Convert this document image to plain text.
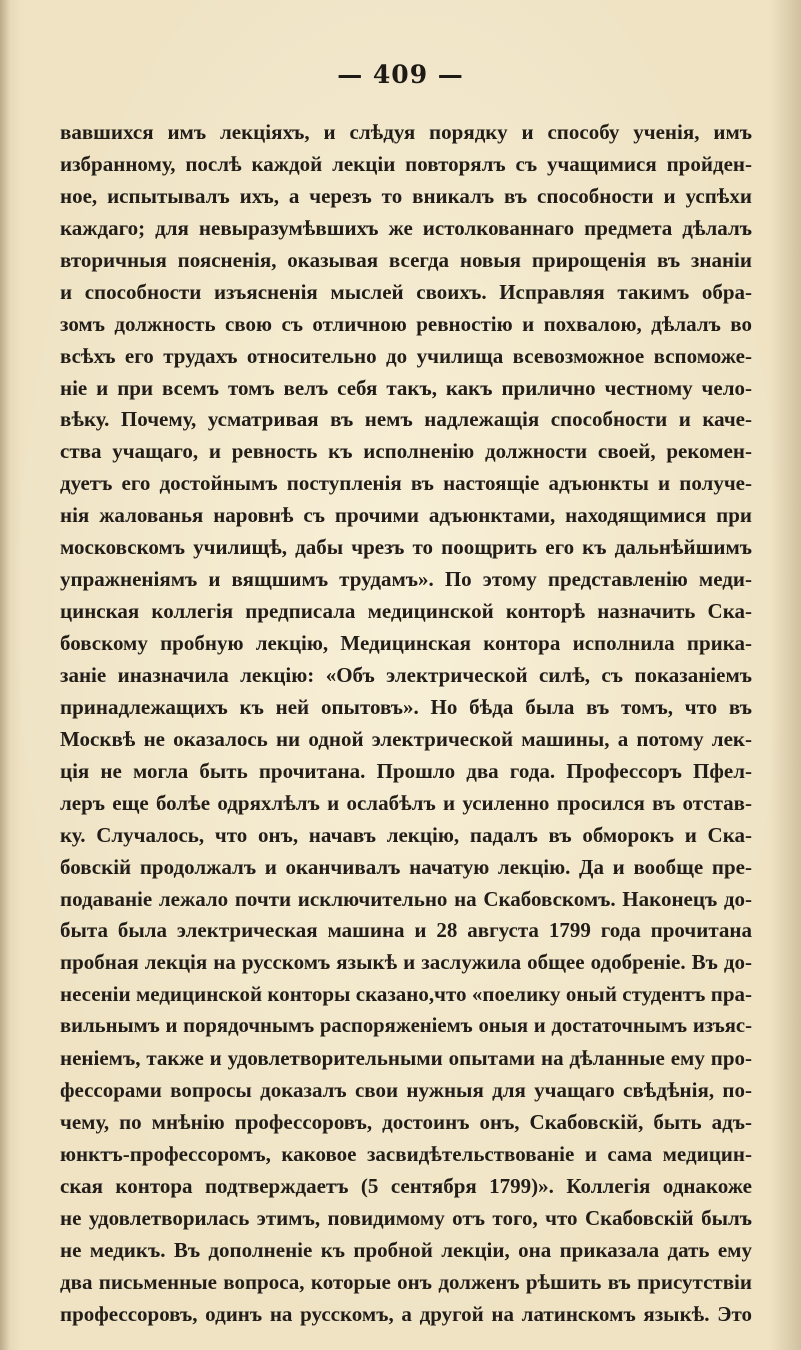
— 409 —
вавшихся имъ лекціяхъ, и слѣдуя порядку и способу ученія, имъ
избранному, послѣ каждой лекціи повторялъ съ учащимися пройден-
ное, испытывалъ ихъ, а черезъ то вникалъ въ способности и успѣхи
каждаго; для невыразумѣвшихъ же истолкованнаго предмета дѣлалъ
вторичныя поясненія, оказывая всегда новыя прирощенія въ знаніи
и способности изъясненія мыслей своихъ. Исправляя такимъ обра-
зомъ должность свою съ отличною ревностію и похвалою, дѣлалъ во
всѣхъ его трудахъ относительно до училища всевозможное вспоможе-
ніе и при всемъ томъ велъ себя такъ, какъ прилично честному чело-
вѣку. Почему, усматривая въ немъ надлежащія способности и каче-
ства учащаго, и ревность къ исполненію должности своей, рекомен-
дуетъ его достойнымъ поступленія въ настоящіе адъюнкты и получе-
нія жалованья наровнѣ съ прочими адъюнктами, находящимися при
московскомъ училищѣ, дабы чрезъ то поощрить его къ дальнѣйшимъ
упражненіямъ и вящшимъ трудамъ». По этому представленію меди-
цинская коллегія предписала медицинской конторѣ назначить Ска-
бовскому пробную лекцію, Медицинская контора исполнила прика-
заніе иназначила лекцію: «Объ электрической силѣ, съ показаніемъ
принадлежащихъ къ ней опытовъ». Но бѣда была въ томъ, что въ
Москвѣ не оказалось ни одной электрической машины, а потому лек-
ція не могла быть прочитана. Прошло два года. Профессоръ Пфел-
леръ еще болѣе одряхлѣлъ и ослабѣлъ и усиленно просился въ отстав-
ку. Случалось, что онъ, начавъ лекцію, падалъ въ обморокъ и Ска-
бовскій продолжалъ и оканчивалъ начатую лекцію. Да и вообще пре-
подаваніе лежало почти исключительно на Скабовскомъ. Наконецъ до-
быта была электрическая машина и 28 августа 1799 года прочитана
пробная лекція на русскомъ языкѣ и заслужила общее одобреніе. Въ до-
несеніи медицинской конторы сказано,что «поелику оный студентъ пра-
вильнымъ и порядочнымъ распоряженіемъ оныя и достаточнымъ изъяс-
неніемъ, также и удовлетворительными опытами на дѣланные ему про-
фессорами вопросы доказалъ свои нужныя для учащаго свѣдѣнія, по-
чему, по мнѣнію профессоровъ, достоинъ онъ, Скабовскій, быть адъ-
юнктъ-профессоромъ, каковое засвидѣтельствованіе и сама медицин-
ская контора подтверждаетъ (5 сентября 1799)». Коллегія однакоже
не удовлетворилась этимъ, повидимому отъ того, что Скабовскій былъ
не медикъ. Въ дополненіе къ пробной лекціи, она приказала дать ему
два письменные вопроса, которые онъ долженъ рѣшить въ присутствіи
профессоровъ, одинъ на русскомъ, а другой на латинскомъ языкѣ. Это
